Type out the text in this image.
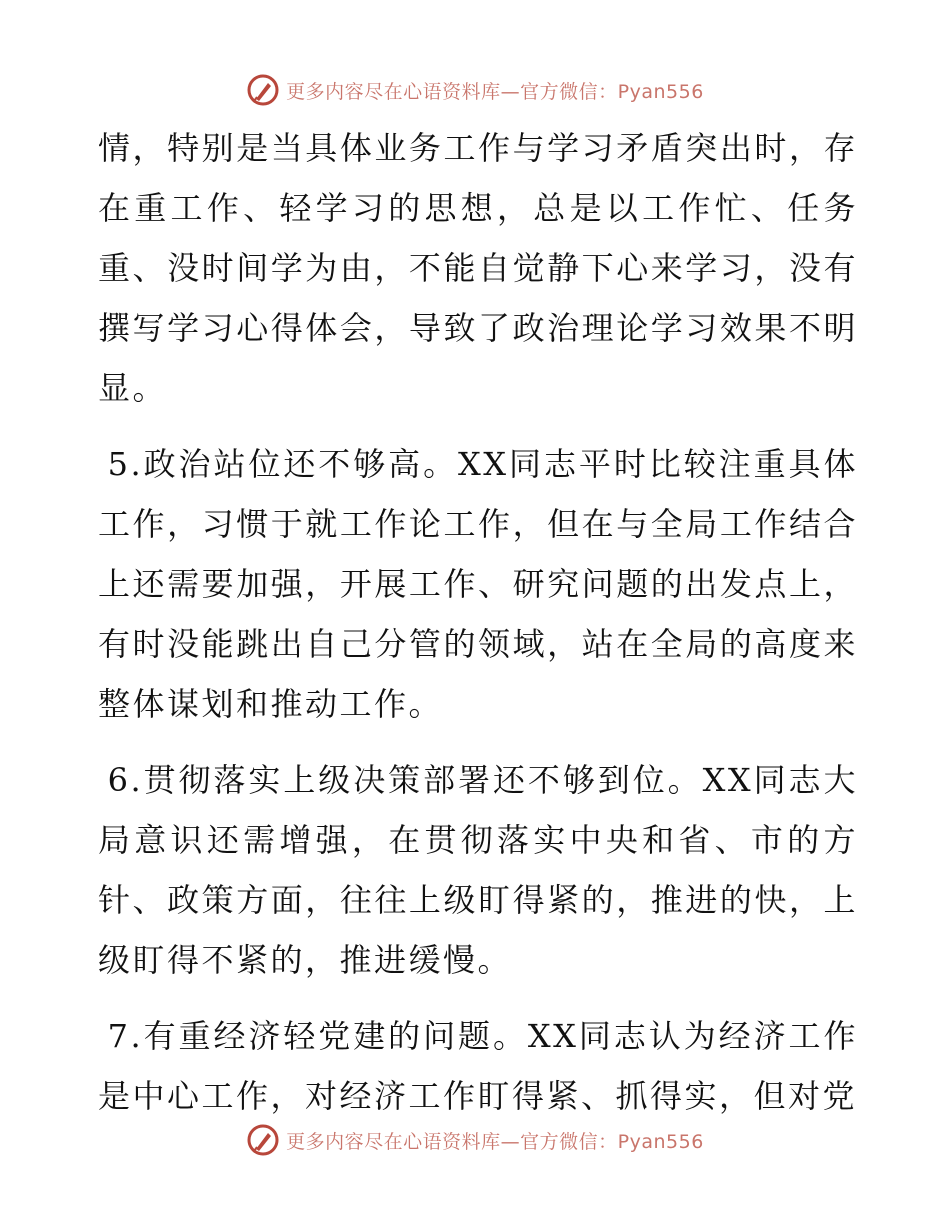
更多内容尽在心语资料库—官方微信：Pyan556

情，特别是当具体业务工作与学习矛盾突出时，存在重工作、轻学习的思想，总是以工作忙、任务重、没时间学为由，不能自觉静下心来学习，没有撰写学习心得体会，导致了政治理论学习效果不明显。

5.政治站位还不够高。XX同志平时比较注重具体工作，习惯于就工作论工作，但在与全局工作结合上还需要加强，开展工作、研究问题的出发点上，有时没能跳出自己分管的领域，站在全局的高度来整体谋划和推动工作。

6.贯彻落实上级决策部署还不够到位。XX同志大局意识还需增强，在贯彻落实中央和省、市的方针、政策方面，往往上级盯得紧的，推进的快，上级盯得不紧的，推进缓慢。

7.有重经济轻党建的问题。XX同志认为经济工作是中心工作，对经济工作盯得紧、抓得实，但对党

更多内容尽在心语资料库—官方微信：Pyan556
